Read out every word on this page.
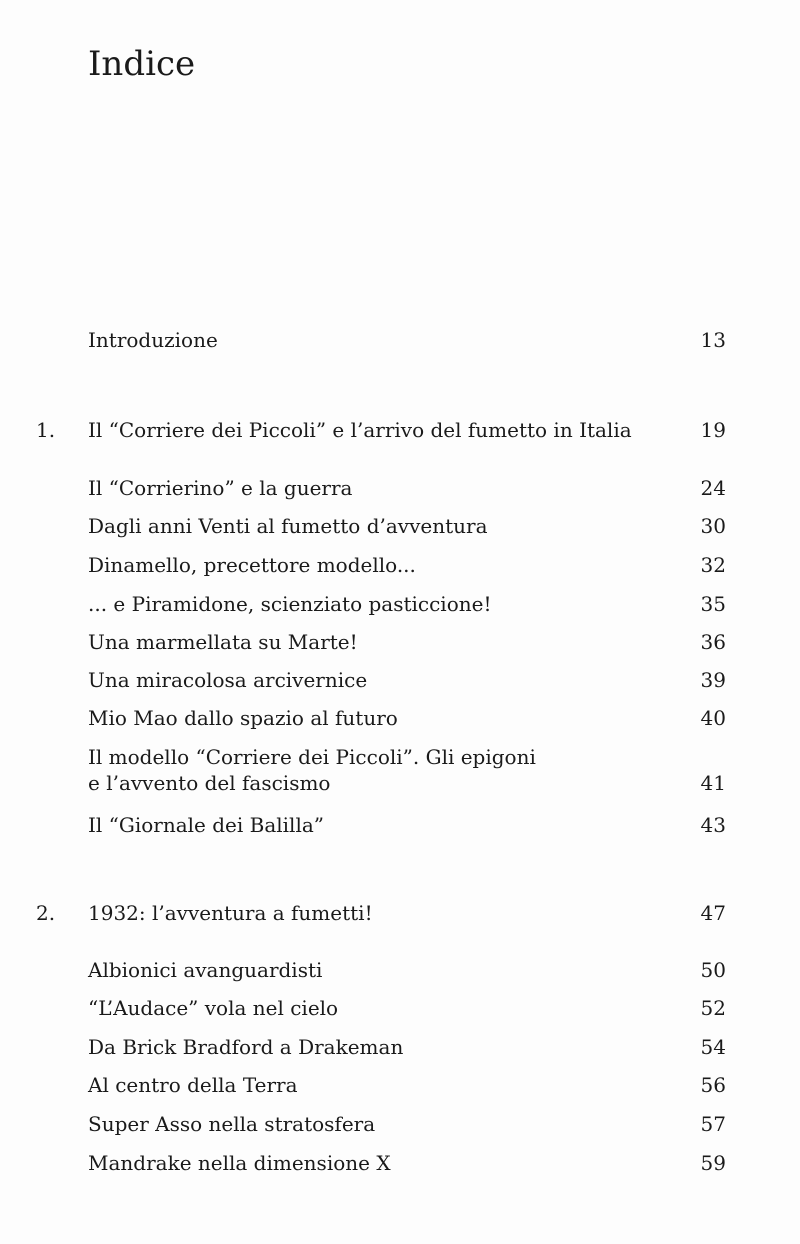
Indice
Introduzione	13
1. Il “Corriere dei Piccoli” e l’arrivo del fumetto in Italia	19
Il “Corrierino” e la guerra	24
Dagli anni Venti al fumetto d’avventura	30
Dinamello, precettore modello...	32
... e Piramidone, scienziato pasticcione!	35
Una marmellata su Marte!	36
Una miracolosa arcivernice	39
Mio Mao dallo spazio al futuro	40
Il modello “Corriere dei Piccoli”. Gli epigoni
e l’avvento del fascismo	41
Il “Giornale dei Balilla”	43
2. 1932: l’avventura a fumetti!	47
Albionici avanguardisti	50
“L’Audace” vola nel cielo	52
Da Brick Bradford a Drakeman	54
Al centro della Terra	56
Super Asso nella stratosfera	57
Mandrake nella dimensione X	59
